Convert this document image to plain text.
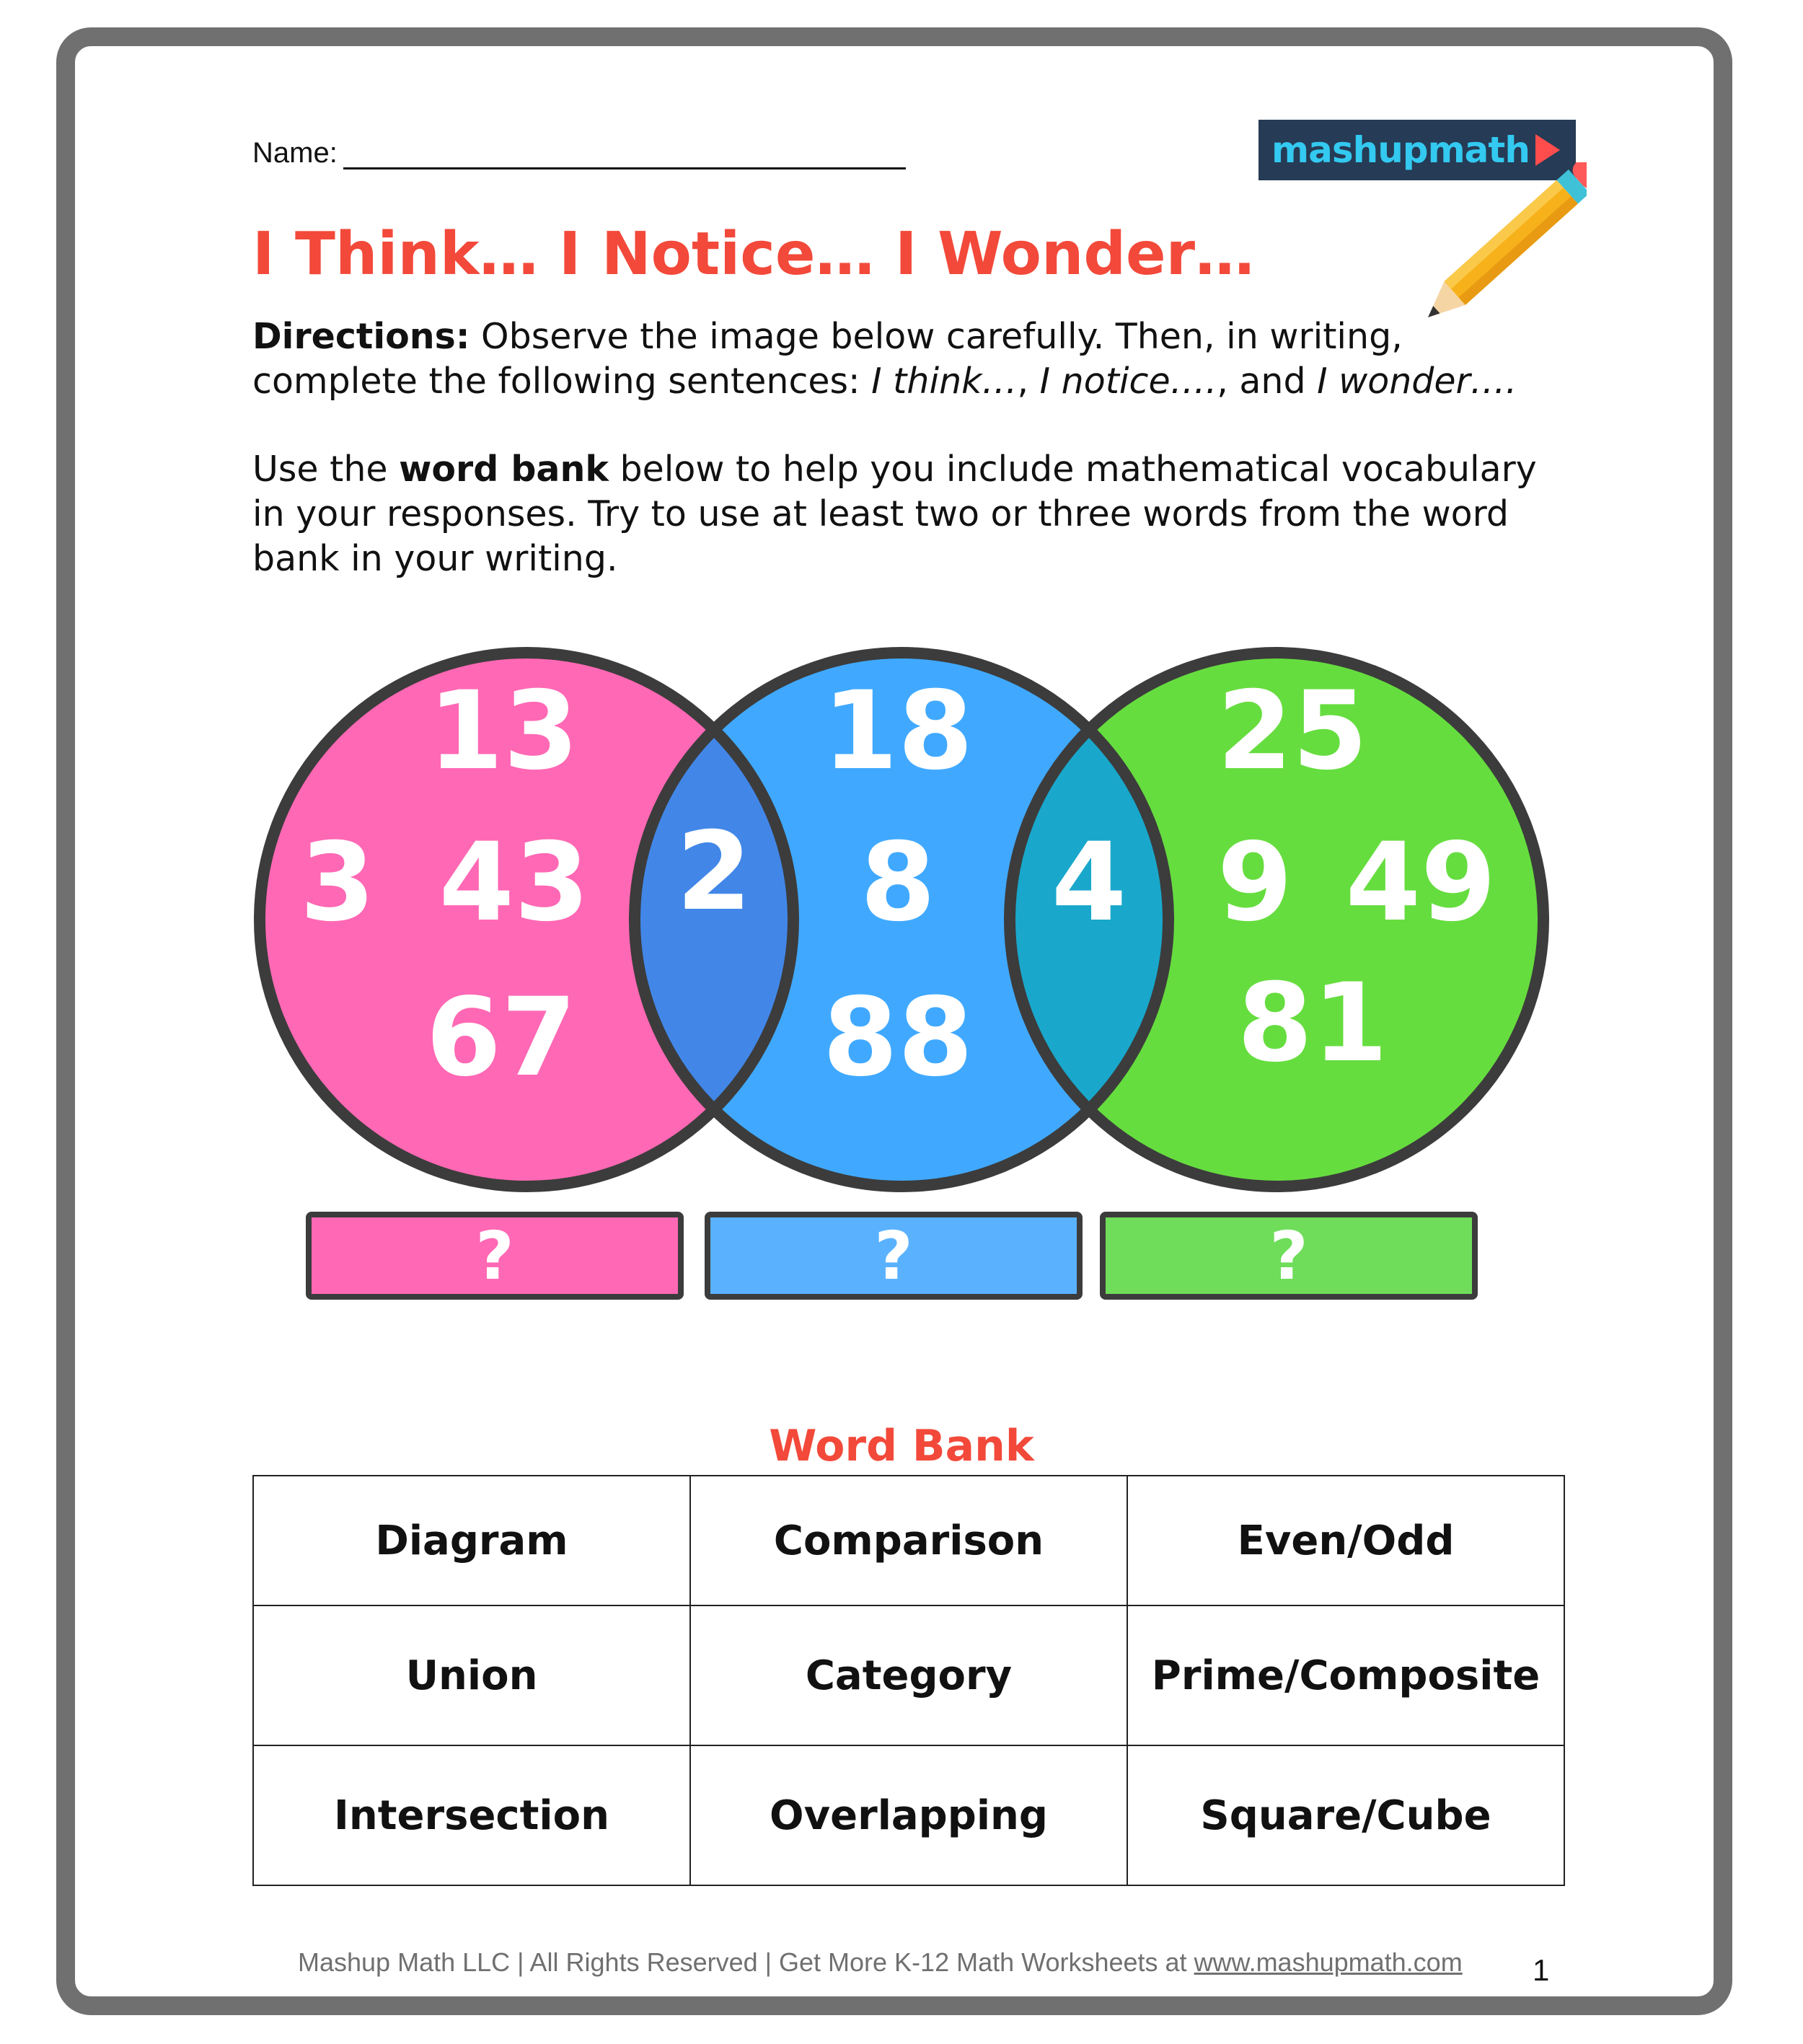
Name:	mashupmath
I Think… I Notice… I Wonder…
Directions: Observe the image below carefully. Then, in writing, complete the following sentences: I think…, I notice…., and I wonder….
Use the word bank below to help you include mathematical vocabulary in your responses. Try to use at least two or three words from the word bank in your writing.
13
3 43
67
2
18
8
88
4
25
9 49
81
?	?	?
Word Bank
Diagram	Comparison	Even/Odd
Union	Category	Prime/Composite
Intersection	Overlapping	Square/Cube
Mashup Math LLC | All Rights Reserved | Get More K-12 Math Worksheets at www.mashupmath.com 1
